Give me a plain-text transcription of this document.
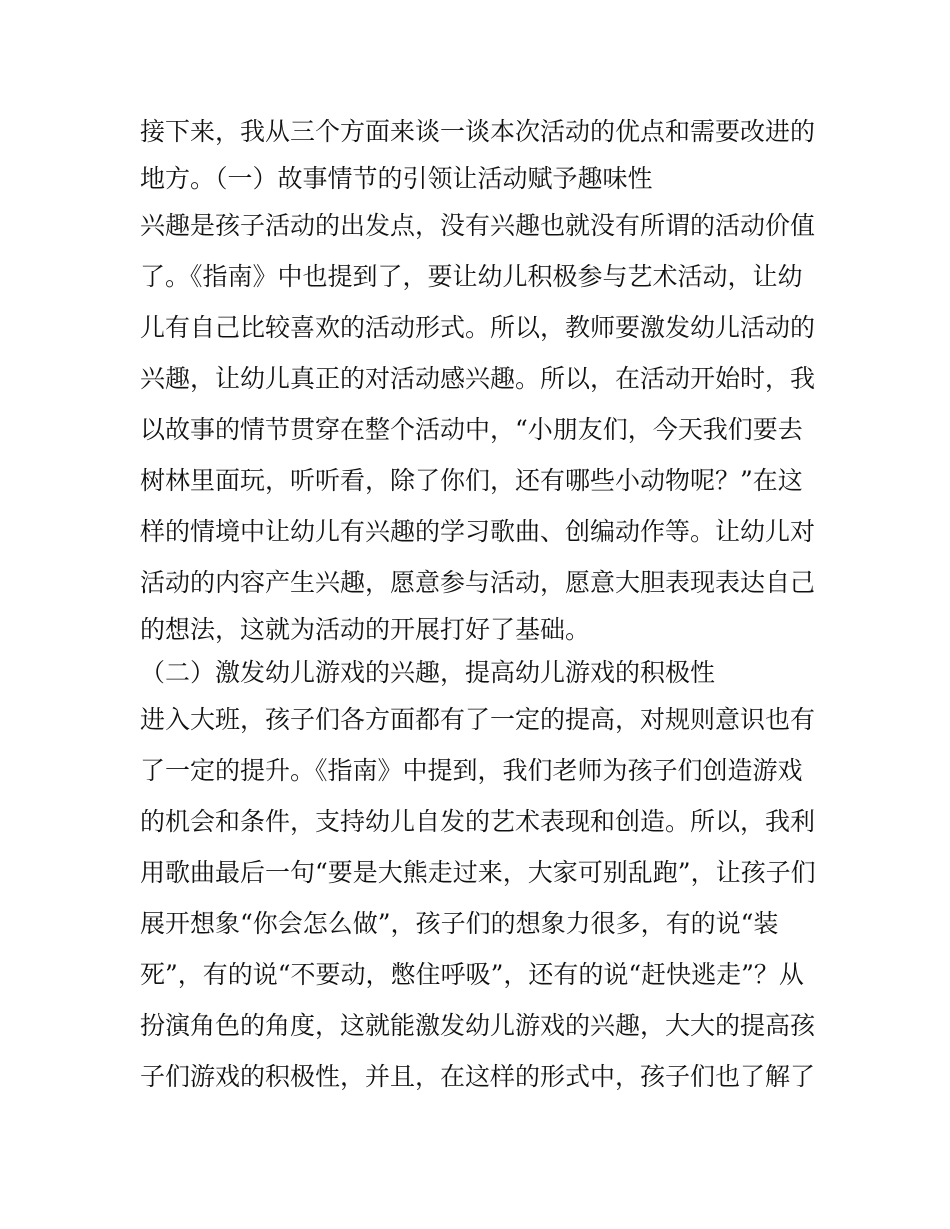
接下来，我从三个方面来谈一谈本次活动的优点和需要改进的
地方。（一）故事情节的引领让活动赋予趣味性
兴趣是孩子活动的出发点，没有兴趣也就没有所谓的活动价值
了。《指南》中也提到了，要让幼儿积极参与艺术活动，让幼
儿有自己比较喜欢的活动形式。所以，教师要激发幼儿活动的
兴趣，让幼儿真正的对活动感兴趣。所以，在活动开始时，我
以故事的情节贯穿在整个活动中，“小朋友们，今天我们要去
树林里面玩，听听看，除了你们，还有哪些小动物呢？”在这
样的情境中让幼儿有兴趣的学习歌曲、创编动作等。让幼儿对
活动的内容产生兴趣，愿意参与活动，愿意大胆表现表达自己
的想法，这就为活动的开展打好了基础。
（二）激发幼儿游戏的兴趣，提高幼儿游戏的积极性
进入大班，孩子们各方面都有了一定的提高，对规则意识也有
了一定的提升。《指南》中提到，我们老师为孩子们创造游戏
的机会和条件，支持幼儿自发的艺术表现和创造。所以，我利
用歌曲最后一句“要是大熊走过来，大家可别乱跑”，让孩子们
展开想象“你会怎么做”，孩子们的想象力很多，有的说“装
死”，有的说“不要动，憋住呼吸”，还有的说“赶快逃走”？从
扮演角色的角度，这就能激发幼儿游戏的兴趣，大大的提高孩
子们游戏的积极性，并且，在这样的形式中，孩子们也了解了
